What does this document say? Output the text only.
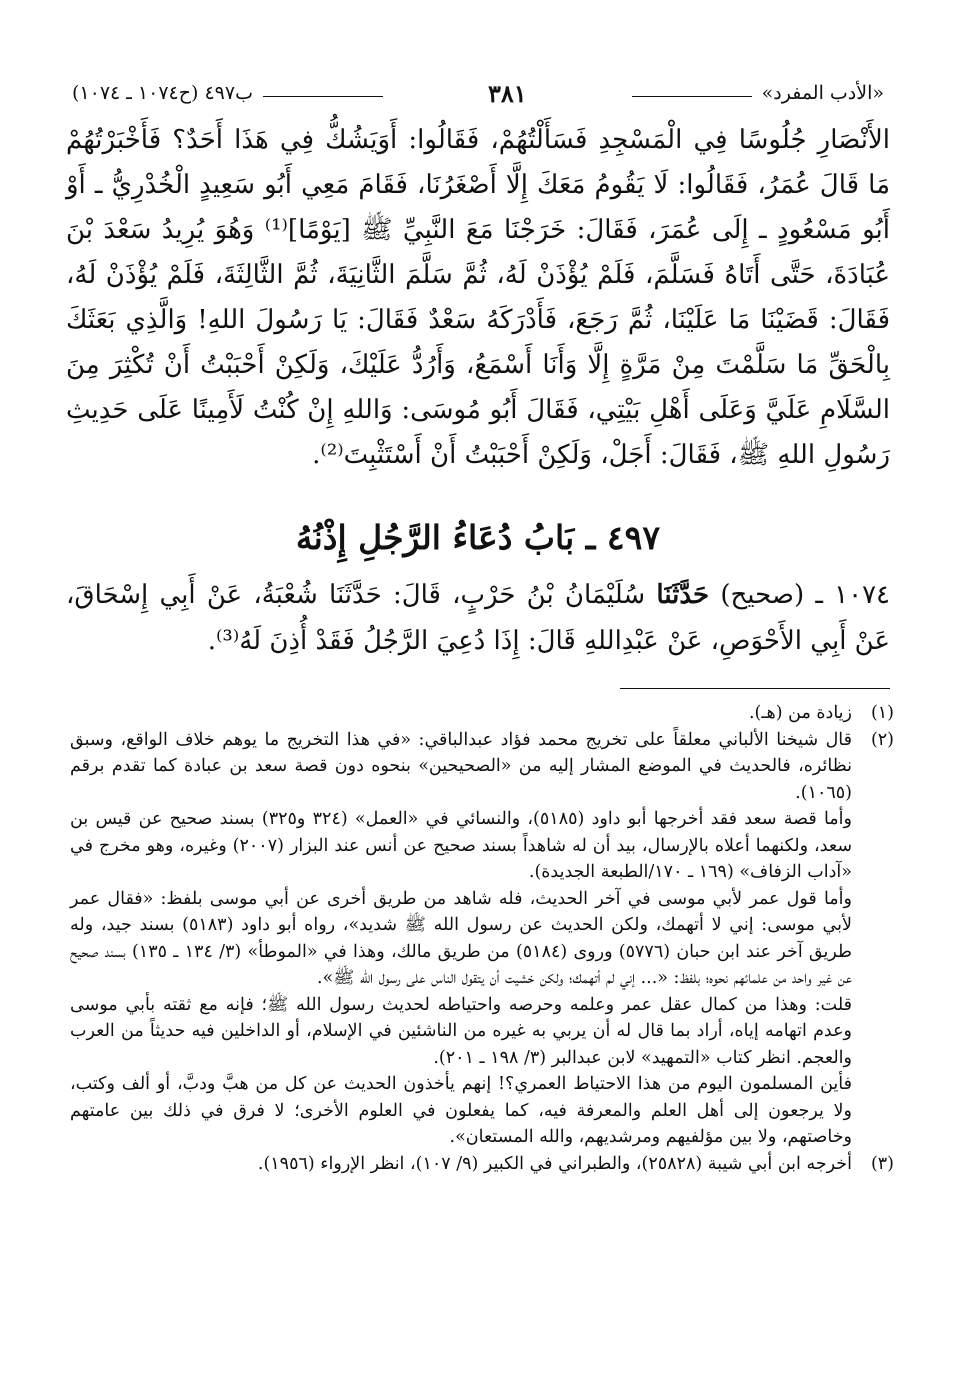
«الأدب المفرد»
٣٨١
ب٤٩٧ (ح١٠٧٤ ـ ١٠٧٤)
الأَنْصَارِ جُلُوسًا فِي الْمَسْجِدِ فَسَأَلْتُهُمْ، فَقَالُوا: أَوَيَشُكُّ فِي هَذَا أَحَدٌ؟ فَأَخْبَرْتُهُمْ مَا قَالَ عُمَرُ، فَقَالُوا: لَا يَقُومُ مَعَكَ إِلَّا أَصْغَرُنَا، فَقَامَ مَعِي أَبُو سَعِيدٍ الْخُدْرِيُّ ـ أَوْ أَبُو مَسْعُودٍ ـ إِلَى عُمَرَ، فَقَالَ: خَرَجْنَا مَعَ النَّبِيِّ ﷺ [يَوْمًا]⁽¹⁾ وَهُوَ يُرِيدُ سَعْدَ بْنَ عُبَادَةَ، حَتَّى أَتَاهُ فَسَلَّمَ، فَلَمْ يُؤْذَنْ لَهُ، ثُمَّ سَلَّمَ الثَّانِيَةَ، ثُمَّ الثَّالِثَةَ، فَلَمْ يُؤْذَنْ لَهُ، فَقَالَ: قَضَيْنَا مَا عَلَيْنَا، ثُمَّ رَجَعَ، فَأَدْرَكَهُ سَعْدٌ فَقَالَ: يَا رَسُولَ اللهِ! وَالَّذِي بَعَثَكَ بِالْحَقِّ مَا سَلَّمْتَ مِنْ مَرَّةٍ إِلَّا وَأَنَا أَسْمَعُ، وَأَرُدُّ عَلَيْكَ، وَلَكِنْ أَحْبَبْتُ أَنْ تُكْثِرَ مِنَ السَّلَامِ عَلَيَّ وَعَلَى أَهْلِ بَيْتِي، فَقَالَ أَبُو مُوسَى: وَاللهِ إِنْ كُنْتُ لَأَمِينًا عَلَى حَدِيثِ رَسُولِ اللهِ ﷺ، فَقَالَ: أَجَلْ، وَلَكِنْ أَحْبَبْتُ أَنْ أَسْتَثْبِتَ⁽²⁾.
٤٩٧ ـ بَابُ دُعَاءُ الرَّجُلِ إِذْنُهُ
١٠٧٤ ـ (صحيح) حَدَّثَنَا سُلَيْمَانُ بْنُ حَرْبٍ، قَالَ: حَدَّثَنَا شُعْبَةُ، عَنْ أَبِي إِسْحَاقَ، عَنْ أَبِي الأَحْوَصِ، عَنْ عَبْدِاللهِ قَالَ: إِذَا دُعِيَ الرَّجُلُ فَقَدْ أُذِنَ لَهُ⁽³⁾.
(١)

زيادة من (هـ).

(٢)

قال شيخنا الألباني معلقاً على تخريج محمد فؤاد عبدالباقي: «في هذا التخريج ما يوهم خلاف الواقع، وسبق نظائره، فالحديث في الموضع المشار إليه من «الصحيحين» بنحوه دون قصة سعد بن عبادة كما تقدم برقم (١٠٦٥).

وأما قصة سعد فقد أخرجها أبو داود (٥١٨٥)، والنسائي في «العمل» (٣٢٤ و٣٢٥) بسند صحيح عن قيس بن سعد، ولكنهما أعلاه بالإرسال، بيد أن له شاهداً بسند صحيح عن أنس عند البزار (٢٠٠٧) وغيره، وهو مخرج في «آداب الزفاف» (١٦٩ ـ ١٧٠/الطبعة الجديدة).

وأما قول عمر لأبي موسى في آخر الحديث، فله شاهد من طريق أخرى عن أبي موسى بلفظ: «فقال عمر لأبي موسى: إني لا أتهمك، ولكن الحديث عن رسول الله ﷺ شديد»، رواه أبو داود (٥١٨٣) بسند جيد، وله طريق آخر عند ابن حبان (٥٧٧٦) وروى (٥١٨٤) من طريق مالك، وهذا في «الموطأ» (٣/ ١٣٤ ـ ١٣٥) بسند صحيح عن غير واحد من علمائهم نحوه؛ بلفظ: «... إني لم أتهمك؛ ولكن خشيت أن يتقول الناس على رسول الله ﷺ».

قلت: وهذا من كمال عقل عمر وعلمه وحرصه واحتياطه لحديث رسول الله ﷺ؛ فإنه مع ثقته بأبي موسى وعدم اتهامه إياه، أراد بما قال له أن يربي به غيره من الناشئين في الإسلام، أو الداخلين فيه حديثاً من العرب والعجم. انظر كتاب «التمهيد» لابن عبدالبر (٣/ ١٩٨ ـ ٢٠١).

فأين المسلمون اليوم من هذا الاحتياط العمري؟! إنهم يأخذون الحديث عن كل من هبَّ ودبَّ، أو ألف وكتب، ولا يرجعون إلى أهل العلم والمعرفة فيه، كما يفعلون في العلوم الأخرى؛ لا فرق في ذلك بين عامتهم وخاصتهم، ولا بين مؤلفيهم ومرشديهم، والله المستعان».

(٣)

أخرجه ابن أبي شيبة (٢٥٨٢٨)، والطبراني في الكبير (٩/ ١٠٧)، انظر الإرواء (١٩٥٦).
